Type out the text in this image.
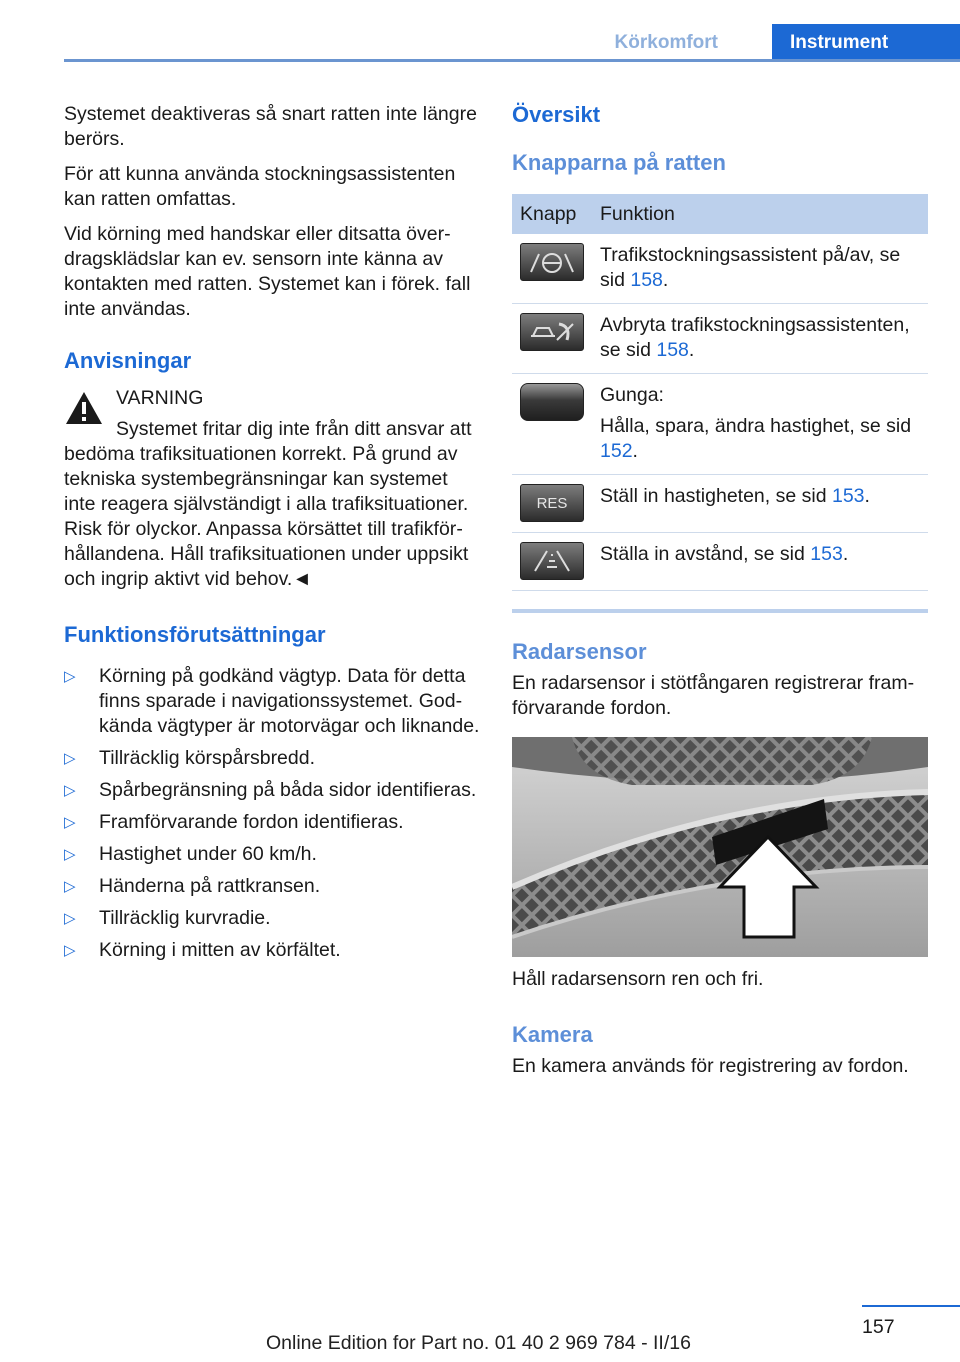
Körkomfort	Instrument

Systemet deaktiveras så snart ratten inte längre berörs.

För att kunna använda stockningsassistenten kan ratten omfattas.

Vid körning med handskar eller ditsatta överdragsklädslar kan ev. sensorn inte känna av kontakten med ratten. Systemet kan i förek. fall inte användas.

Anvisningar
VARNING
Systemet fritar dig inte från ditt ansvar att bedöma trafiksituationen korrekt. På grund av tekniska systembegränsningar kan systemet inte reagera självständigt i alla trafiksituationer. Risk för olyckor. Anpassa körsättet till trafikförhållandena. Håll trafiksituationen under uppsikt och ingrip aktivt vid behov.◄
Funktionsförutsättningar
▷ Körning på godkänd vägtyp. Data för detta finns sparade i navigationssystemet. Godkända vägtyper är motorvägar och liknande.
▷ Tillräcklig körspårsbredd.
▷ Spårbegränsning på båda sidor identifieras.
▷ Framförvarande fordon identifieras.
▷ Hastighet under 60 km/h.
▷ Händerna på rattkransen.
▷ Tillräcklig kurvradie.
▷ Körning i mitten av körfältet.
Översikt
Knapparna på ratten
Knapp	Funktion

	Trafikstockningsassistent på/av, se sid 158.

	Avbryta trafikstockningsassistenten, se sid 158.

	Gunga:
Hålla, spara, ändra hastighet, se sid 152.

RES	Ställ in hastigheten, se sid 153.

	Ställa in avstånd, se sid 153.
Radarsensor

En radarsensor i stötfångaren registrerar framförvarande fordon.

Håll radarsensorn ren och fri.

Kamera

En kamera används för registrering av fordon.

157
Online Edition for Part no. 01 40 2 969 784 - II/16
